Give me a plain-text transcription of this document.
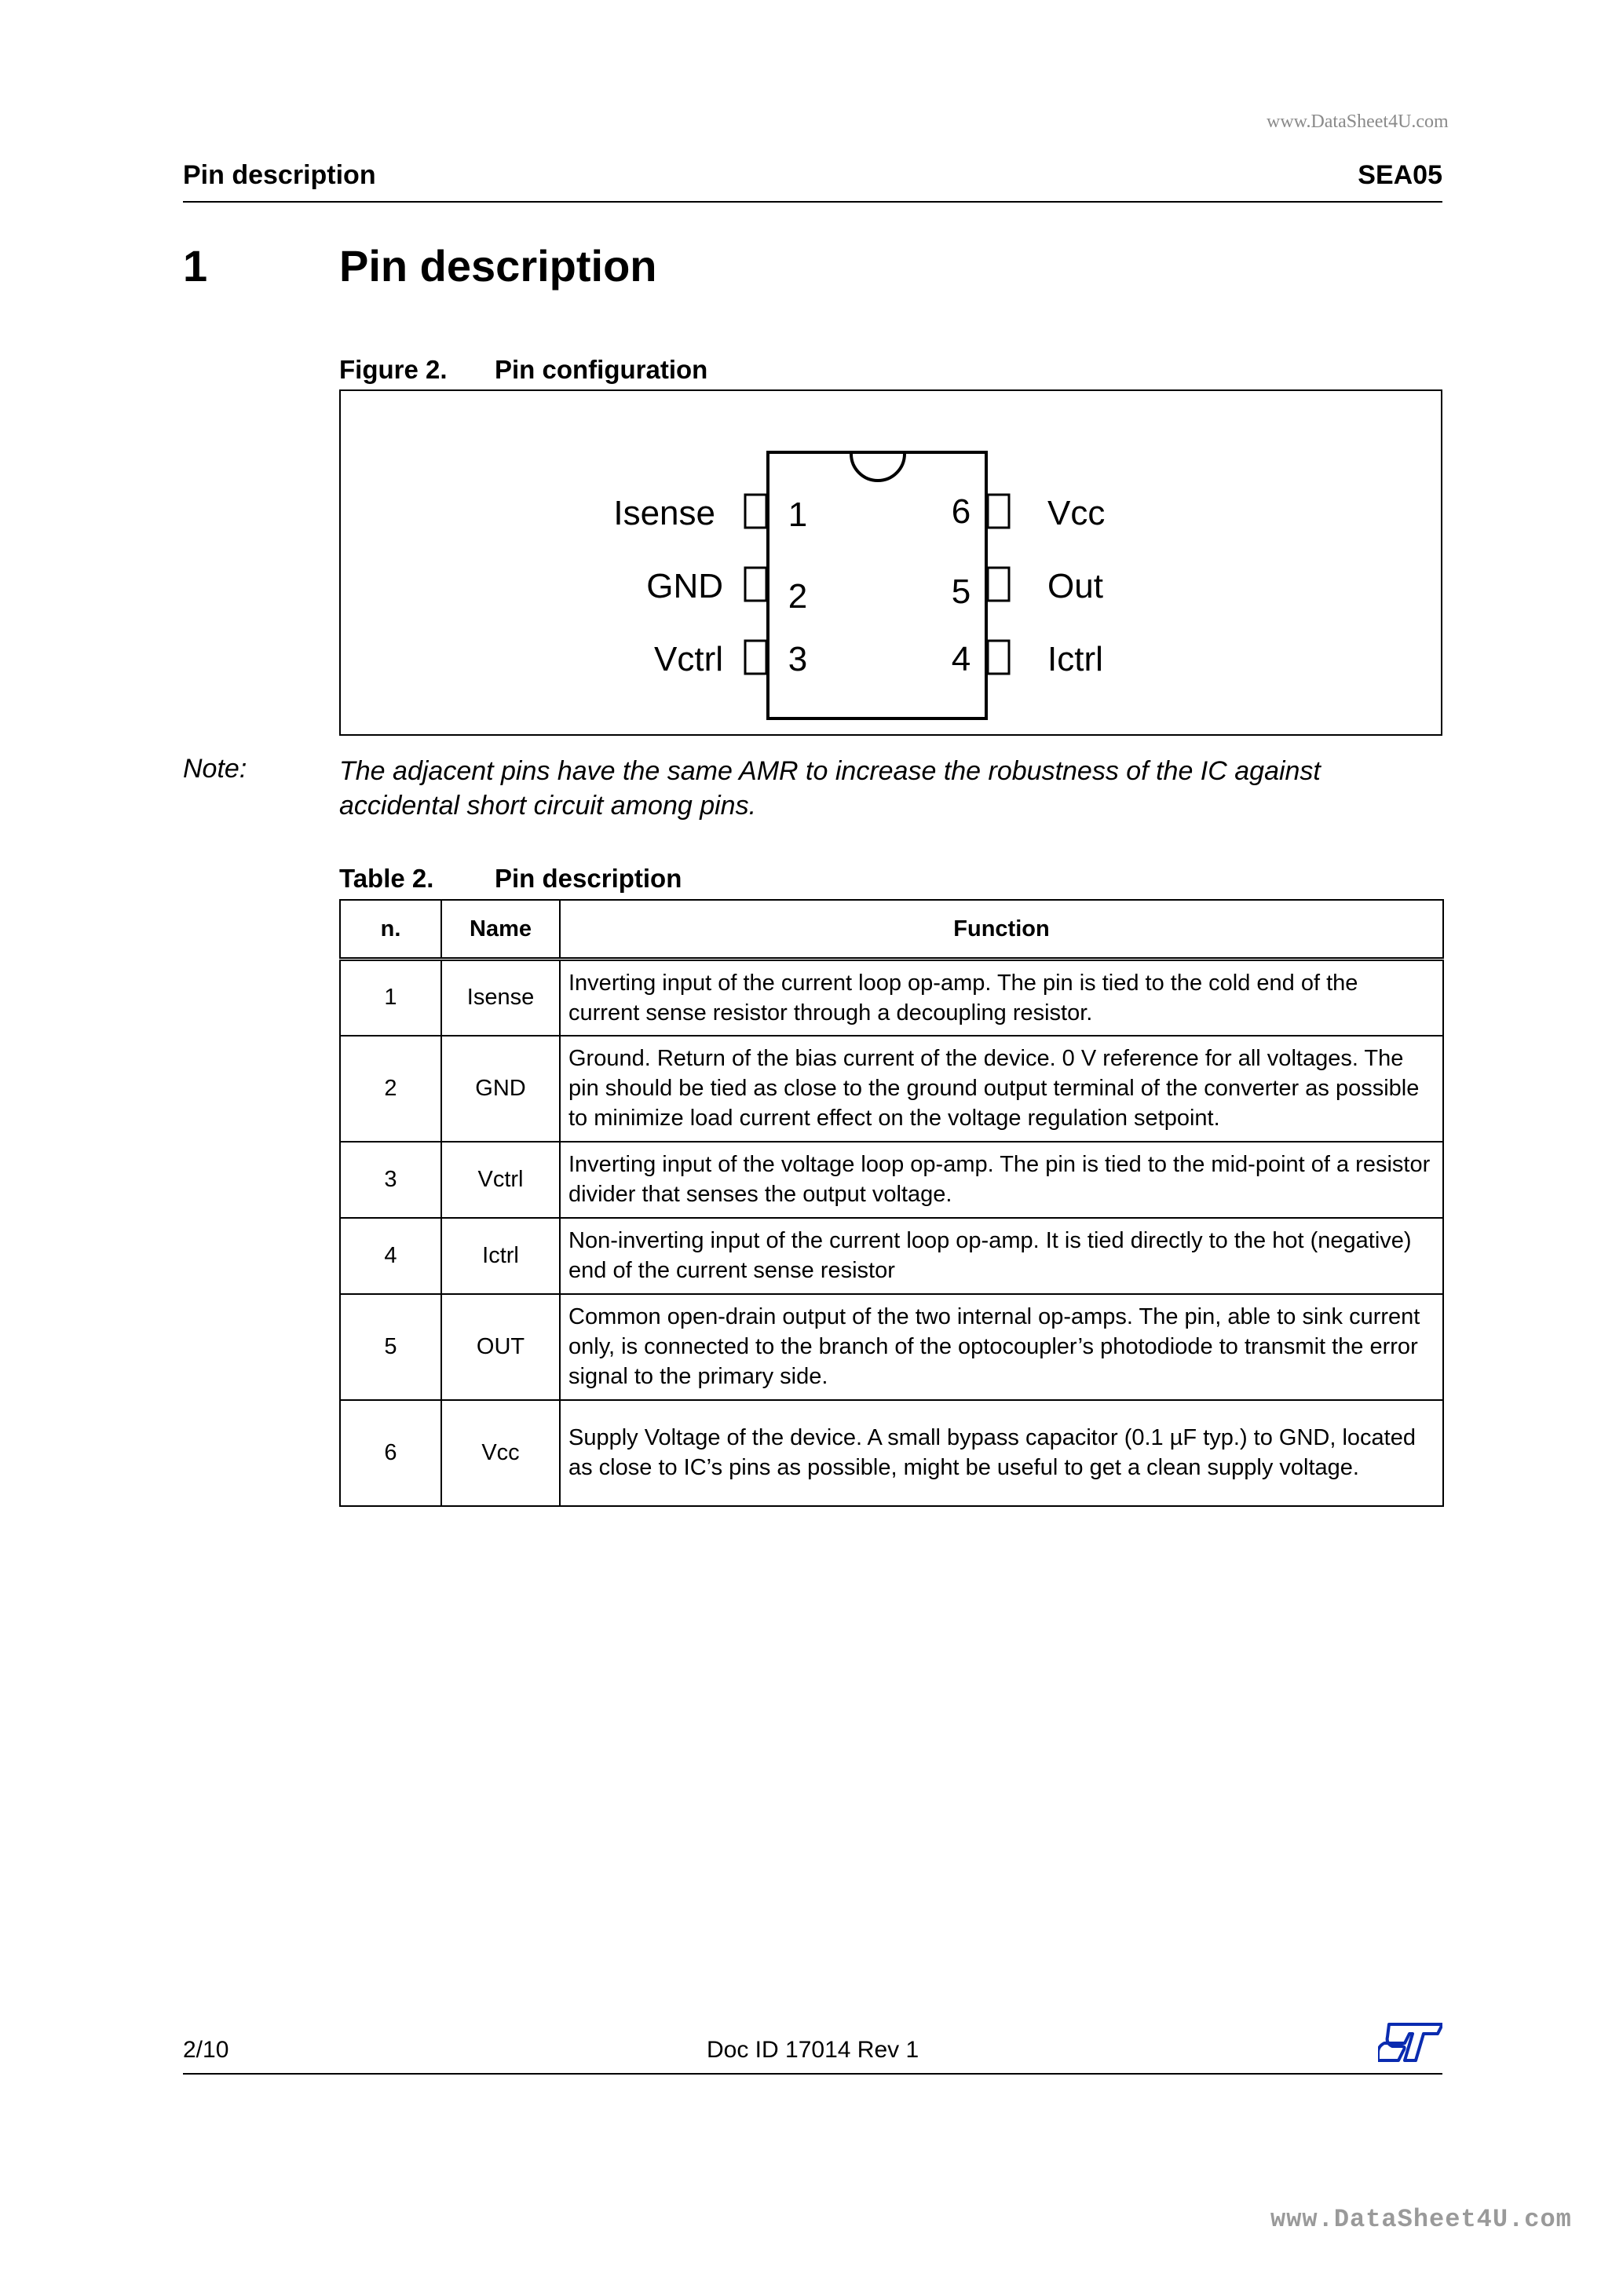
www.DataSheet4U.com
Pin description	SEA05
1	Pin description
Figure 2. Pin configuration
Isense
GND
Vctrl
1
2
3
6
5
4
Vcc
Out
Ictrl
Note:	The adjacent pins have the same AMR to increase the robustness of the IC against accidental short circuit among pins.
Table 2. Pin description
n.	Name	Function
1	Isense	Inverting input of the current loop op-amp. The pin is tied to the cold end of the current sense resistor through a decoupling resistor.
2	GND	Ground. Return of the bias current of the device. 0 V reference for all voltages. The pin should be tied as close to the ground output terminal of the converter as possible to minimize load current effect on the voltage regulation setpoint.
3	Vctrl	Inverting input of the voltage loop op-amp. The pin is tied to the mid-point of a resistor divider that senses the output voltage.
4	Ictrl	Non-inverting input of the current loop op-amp. It is tied directly to the hot (negative) end of the current sense resistor
5	OUT	Common open-drain output of the two internal op-amps. The pin, able to sink current only, is connected to the branch of the optocoupler’s photodiode to transmit the error signal to the primary side.
6	Vcc	Supply Voltage of the device. A small bypass capacitor (0.1 µF typ.) to GND, located as close to IC’s pins as possible, might be useful to get a clean supply voltage.
2/10	Doc ID 17014 Rev 1
www.DataSheet4U.com
